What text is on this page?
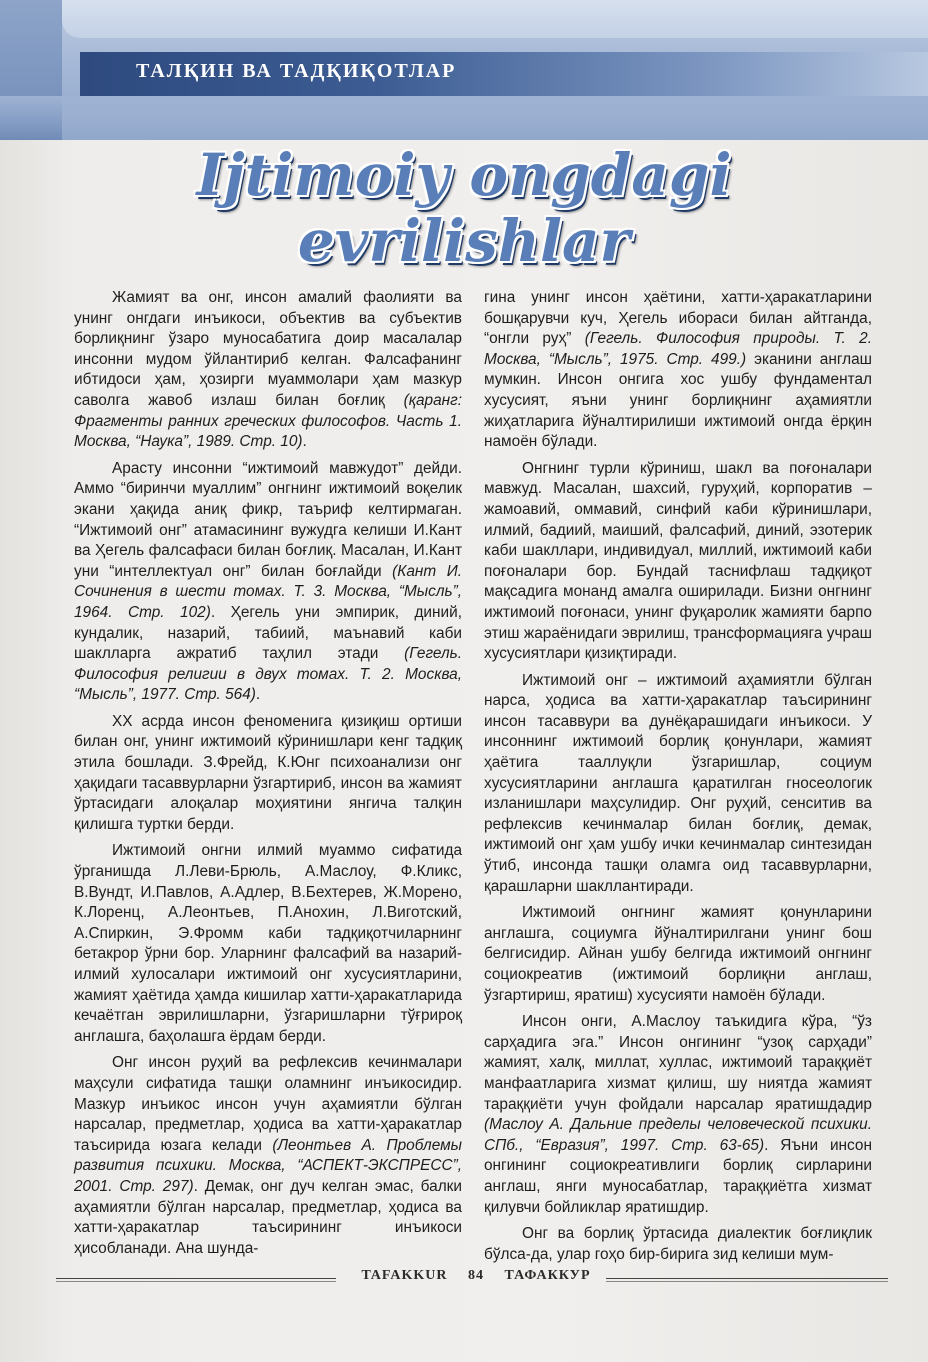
ТАЛҚИН ВА ТАДҚИҚОТЛАР
Ijtimoiy ongdagi
evrilishlar

Жамият ва онг, инсон амалий фаолияти ва унинг онгдаги инъикоси, объектив ва субъектив борлиқнинг ўзаро муносабатига доир масалалар инсонни мудом ўйлантириб келган. Фалсафанинг ибтидоси ҳам, ҳозирги муаммолари ҳам мазкур саволга жавоб излаш билан боғлиқ (қаранг: Фрагменты ранних греческих философов. Часть 1. Москва, “Наука”, 1989. Стр. 10).

Арасту инсонни “ижтимоий мавжудот” дейди. Аммо “биринчи муаллим” онгнинг ижтимоий воқелик экани ҳақида аниқ фикр, таъриф келтирмаган. “Ижтимоий онг” атамасининг вужудга келиши И.Кант ва Ҳегель фалсафаси билан боғлиқ. Масалан, И.Кант уни “интеллектуал онг” билан боғлайди (Кант И. Сочинения в шести томах. Т. 3. Москва, “Мысль”, 1964. Стр. 102). Ҳегель уни эмпирик, диний, кундалик, назарий, табиий, маънавий каби шаклларга ажратиб таҳлил этади (Гегель. Философия религии в двух томах. Т. 2. Москва, “Мысль”, 1977. Стр. 564).

XX асрда инсон феноменига қизиқиш ортиши билан онг, унинг ижтимоий кўринишлари кенг тадқиқ этила бошлади. З.Фрейд, К.Юнг психоанализи онг ҳақидаги тасаввурларни ўзгартириб, инсон ва жамият ўртасидаги алоқалар моҳиятини янгича талқин қилишга туртки берди.

Ижтимоий онгни илмий муаммо сифатида ўрганишда Л.Леви-Брюль, А.Маслоу, Ф.Кликс, В.Вундт, И.Павлов, А.Адлер, В.Бехтерев, Ж.Морено, К.Лоренц, А.Леонтьев, П.Анохин, Л.Виготский, А.Спиркин, Э.Фромм каби тадқиқотчиларнинг бетакрор ўрни бор. Уларнинг фалсафий ва назарий-илмий хулосалари ижтимоий онг хусусиятларини, жамият ҳаётида ҳамда кишилар хатти-ҳаракатларида кечаётган эврилишларни, ўзгаришларни тўғрироқ англашга, баҳолашга ёрдам берди.

Онг инсон руҳий ва рефлексив кечинмалари маҳсули сифатида ташқи оламнинг инъикосидир. Мазкур инъикос инсон учун аҳамиятли бўлган нарсалар, предметлар, ҳодиса ва хатти-ҳаракатлар таъсирида юзага келади (Леонтьев А. Проблемы развития психики. Москва, “АСПЕКТ-ЭКСПРЕСС”, 2001. Стр. 297). Демак, онг дуч келган эмас, балки аҳамиятли бўлган нарсалар, предметлар, ҳодиса ва хатти-ҳаракатлар таъсирининг инъикоси ҳисобланади. Ана шунда-

гина унинг инсон ҳаётини, хатти-ҳаракатларини бошқарувчи куч, Ҳегель ибораси билан айтганда, “онгли руҳ” (Гегель. Философия природы. Т. 2. Москва, “Мысль”, 1975. Стр. 499.) эканини англаш мумкин. Инсон онгига хос ушбу фундаментал хусусият, яъни унинг борлиқнинг аҳамиятли жиҳатларига йўналтирилиши ижтимоий онгда ёрқин намоён бўлади.

Онгнинг турли кўриниш, шакл ва поғоналари мавжуд. Масалан, шахсий, гуруҳий, корпоратив – жамоавий, оммавий, синфий каби кўринишлари, илмий, бадиий, маиший, фалсафий, диний, эзотерик каби шакллари, индивидуал, миллий, ижтимоий каби поғоналари бор. Бундай таснифлаш тадқиқот мақсадига монанд амалга оширилади. Бизни онгнинг ижтимоий поғонаси, унинг фуқаролик жамияти барпо этиш жараёнидаги эврилиш, трансформацияга учраш хусусиятлари қизиқтиради.

Ижтимоий онг – ижтимоий аҳамиятли бўлган нарса, ҳодиса ва хатти-ҳаракатлар таъсирининг инсон тасаввури ва дунёқарашидаги инъикоси. У инсоннинг ижтимоий борлиқ қонунлари, жамият ҳаётига тааллуқли ўзгаришлар, социум хусусиятларини англашга қаратилган гносеологик изланишлари маҳсулидир. Онг руҳий, сенситив ва рефлексив кечинмалар билан боғлиқ, демак, ижтимоий онг ҳам ушбу ички кечинмалар синтезидан ўтиб, инсонда ташқи оламга оид тасаввурларни, қарашларни шакллантиради.

Ижтимоий онгнинг жамият қонунларини англашга, социумга йўналтирилгани унинг бош белгисидир. Айнан ушбу белгида ижтимоий онгнинг социокреатив (ижтимоий борлиқни англаш, ўзгартириш, яратиш) хусусияти намоён бўлади.

Инсон онги, А.Маслоу таъкидига кўра, “ўз сарҳадига эга.” Инсон онгининг “узоқ сарҳади” жамият, халқ, миллат, хуллас, ижтимоий тараққиёт манфаатларига хизмат қилиш, шу ниятда жамият тараққиёти учун фойдали нарсалар яратишдадир (Маслоу А. Дальние пределы человеческой психики. СПб., “Евразия”, 1997. Стр. 63-65). Яъни инсон онгининг социокреативлиги борлиқ сирларини англаш, янги муносабатлар, тараққиётга хизмат қилувчи бойликлар яратишдир.

Онг ва борлиқ ўртасида диалектик боғлиқлик бўлса-да, улар гоҳо бир-бирига зид келиши мум-

TAFAKKUR 84 ТАФАККУР
